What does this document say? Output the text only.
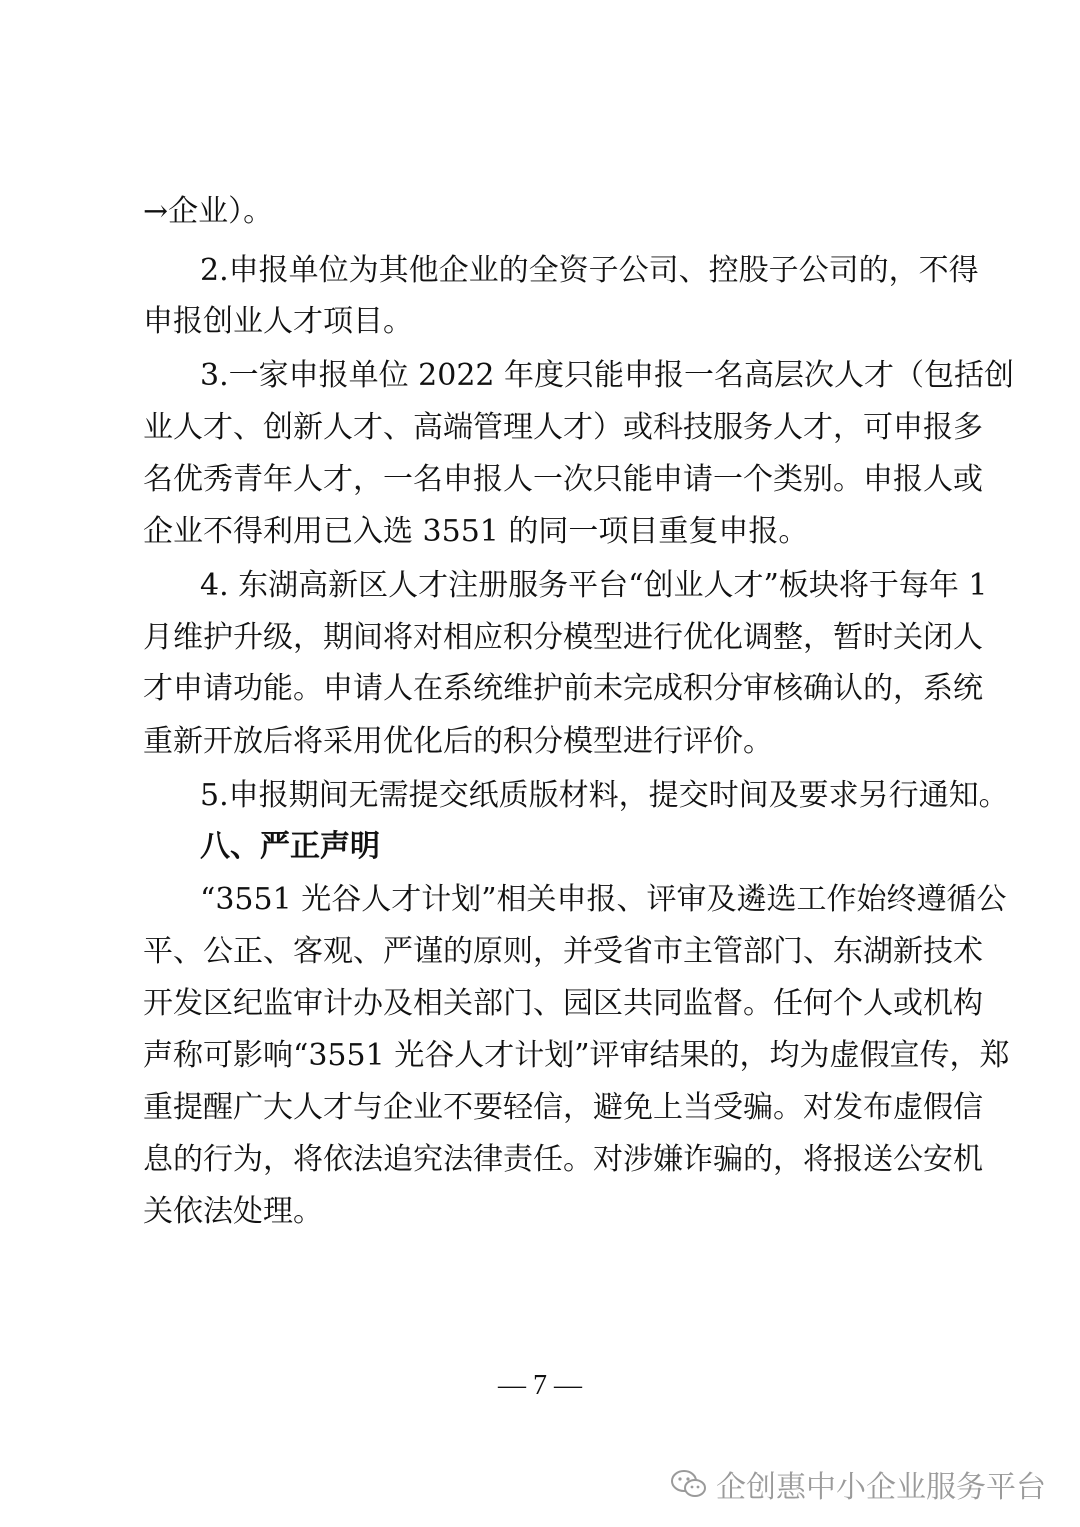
→企业）。
2.申报单位为其他企业的全资子公司、控股子公司的，不得
申报创业人才项目。
3.一家申报单位 2022 年度只能申报一名高层次人才（包括创
业人才、创新人才、高端管理人才）或科技服务人才，可申报多
名优秀青年人才，一名申报人一次只能申请一个类别。申报人或
企业不得利用已入选 3551 的同一项目重复申报。
4. 东湖高新区人才注册服务平台“创业人才”板块将于每年 1
月维护升级，期间将对相应积分模型进行优化调整，暂时关闭人
才申请功能。申请人在系统维护前未完成积分审核确认的，系统
重新开放后将采用优化后的积分模型进行评价。
5.申报期间无需提交纸质版材料，提交时间及要求另行通知。
八、严正声明
“3551 光谷人才计划”相关申报、评审及遴选工作始终遵循公
平、公正、客观、严谨的原则，并受省市主管部门、东湖新技术
开发区纪监审计办及相关部门、园区共同监督。任何个人或机构
声称可影响“3551 光谷人才计划”评审结果的，均为虚假宣传，郑
重提醒广大人才与企业不要轻信，避免上当受骗。对发布虚假信
息的行为，将依法追究法律责任。对涉嫌诈骗的，将报送公安机
关依法处理。
— 7 —
企创惠中小企业服务平台
